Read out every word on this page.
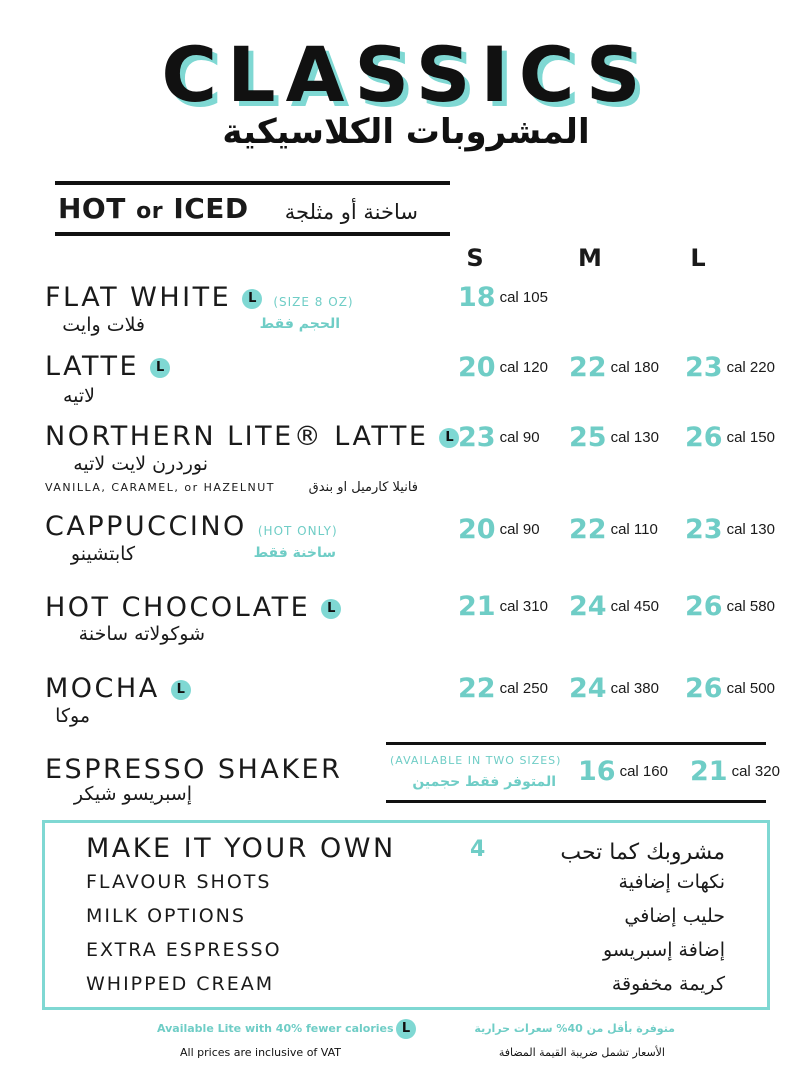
CLASSICS
المشروبات الكلاسيكية
HOT or ICED	ساخنة أو مثلجة
S	M	L
FLAT WHITE L (SIZE 8 OZ)
فلات وايت	الحجم فقط
18 cal 105
LATTE L
لاتيه
20 cal 120 22 cal 180 23 cal 220
NORTHERN LITE® LATTE L
نوردرن لايت لاتيه
VANILLA, CARAMEL, or HAZELNUT	فانيلا كارميل او بندق
23 cal 90 25 cal 130 26 cal 150
CAPPUCCINO (HOT ONLY)
كابتشينو	ساخنة فقط
20 cal 90 22 cal 110 23 cal 130
HOT CHOCOLATE L
شوكولاته ساخنة
21 cal 310 24 cal 450 26 cal 580
MOCHA L
موكا
22 cal 250 24 cal 380 26 cal 500
ESPRESSO SHAKER
إسبريسو شيكر
(AVAILABLE IN TWO SIZES)
المتوفر فقط حجمين 16 cal 160 21 cal 320
MAKE IT YOUR OWN	4	مشروبك كما تحب
FLAVOUR SHOTS	نكهات إضافية
MILK OPTIONS	حليب إضافي
EXTRA ESPRESSO	إضافة إسبريسو
WHIPPED CREAM	كريمة مخفوقة
Available Lite with 40% fewer calories L	متوفرة بأقل من 40% سعرات حرارية
All prices are inclusive of VAT	الأسعار تشمل ضريبة القيمة المضافة
